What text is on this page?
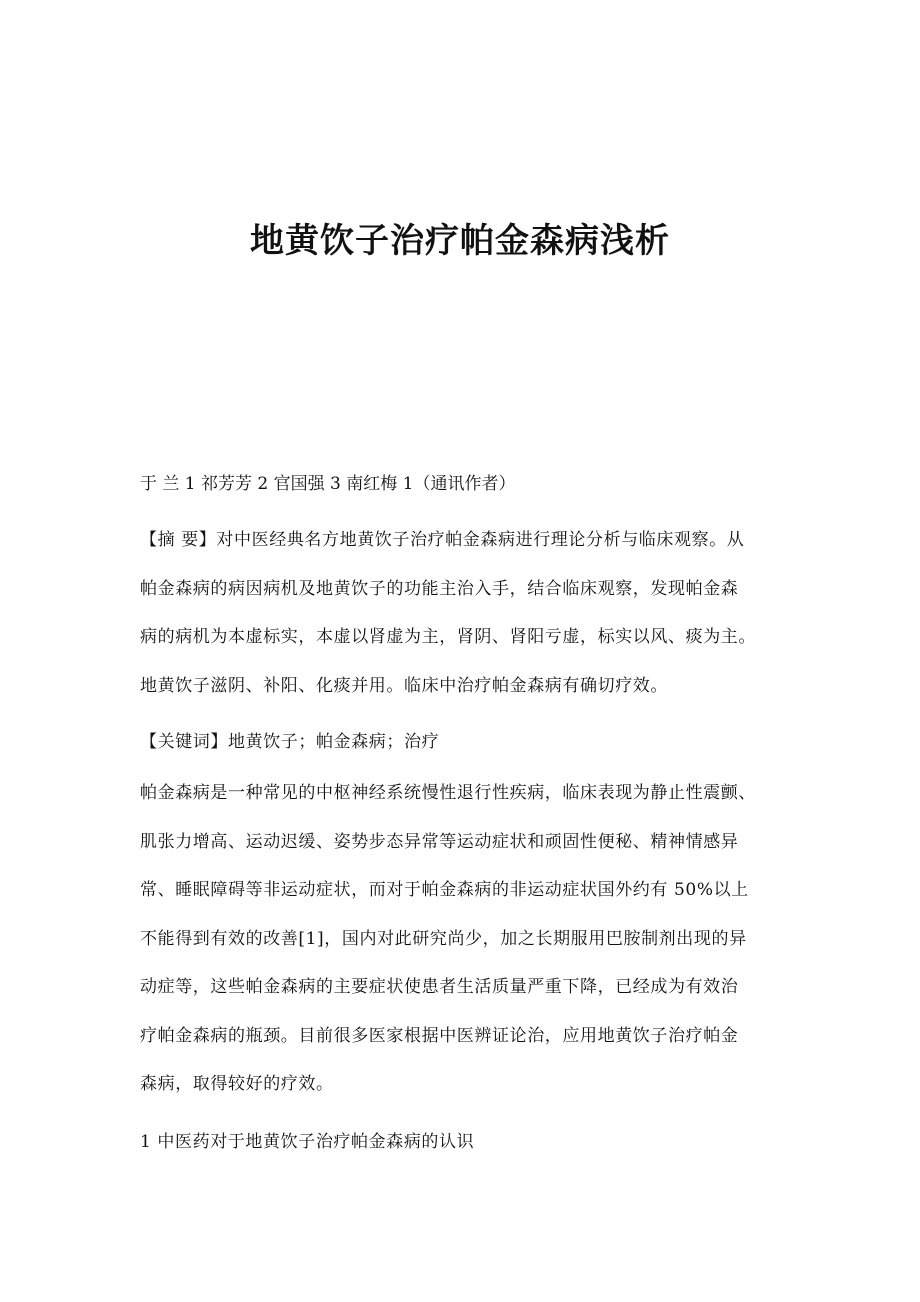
地黄饮子治疗帕金森病浅析

于 兰 1 祁芳芳 2 官国强 3 南红梅 1（通讯作者）

【摘 要】对中医经典名方地黄饮子治疗帕金森病进行理论分析与临床观察。从
帕金森病的病因病机及地黄饮子的功能主治入手，结合临床观察，发现帕金森
病的病机为本虚标实，本虚以肾虚为主，肾阴、肾阳亏虚，标实以风、痰为主。
地黄饮子滋阴、补阳、化痰并用。临床中治疗帕金森病有确切疗效。
【关键词】地黄饮子；帕金森病；治疗
帕金森病是一种常见的中枢神经系统慢性退行性疾病，临床表现为静止性震颤、
肌张力增高、运动迟缓、姿势步态异常等运动症状和顽固性便秘、精神情感异
常、睡眠障碍等非运动症状，而对于帕金森病的非运动症状国外约有 50%以上
不能得到有效的改善[1]，国内对此研究尚少，加之长期服用巴胺制剂出现的异
动症等，这些帕金森病的主要症状使患者生活质量严重下降，已经成为有效治
疗帕金森病的瓶颈。目前很多医家根据中医辨证论治，应用地黄饮子治疗帕金
森病，取得较好的疗效。
1 中医药对于地黄饮子治疗帕金森病的认识
